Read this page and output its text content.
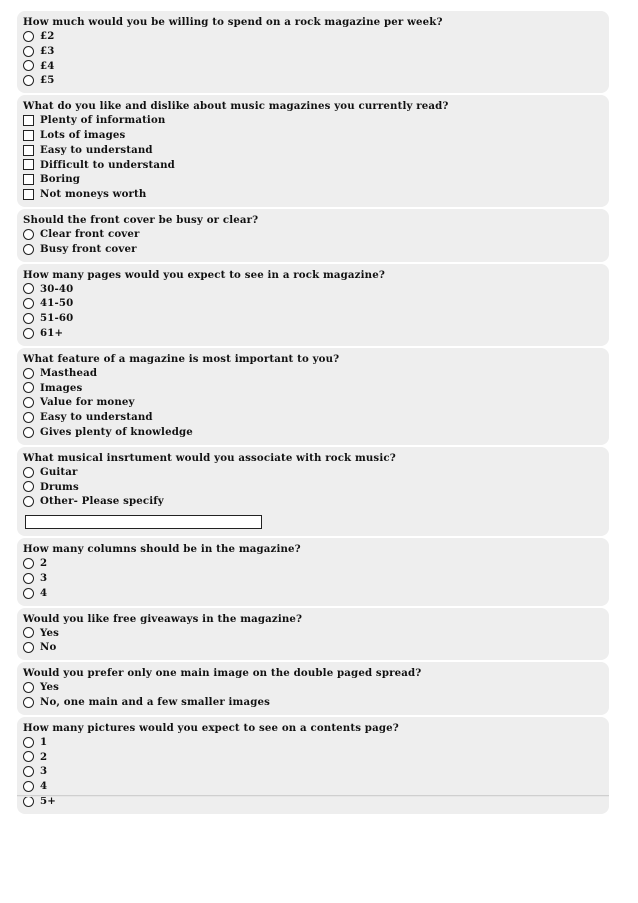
How much would you be willing to spend on a rock magazine per week?
£2
£3
£4
£5
What do you like and dislike about music magazines you currently read?
Plenty of information
Lots of images
Easy to understand
Difficult to understand
Boring
Not moneys worth
Should the front cover be busy or clear?
Clear front cover
Busy front cover
How many pages would you expect to see in a rock magazine?
30-40
41-50
51-60
61+
What feature of a magazine is most important to you?
Masthead
Images
Value for money
Easy to understand
Gives plenty of knowledge
What musical insrtument would you associate with rock music?
Guitar
Drums
Other- Please specify
How many columns should be in the magazine?
2
3
4
Would you like free giveaways in the magazine?
Yes
No
Would you prefer only one main image on the double paged spread?
Yes
No, one main and a few smaller images
How many pictures would you expect to see on a contents page?
1
2
3
4
5+
